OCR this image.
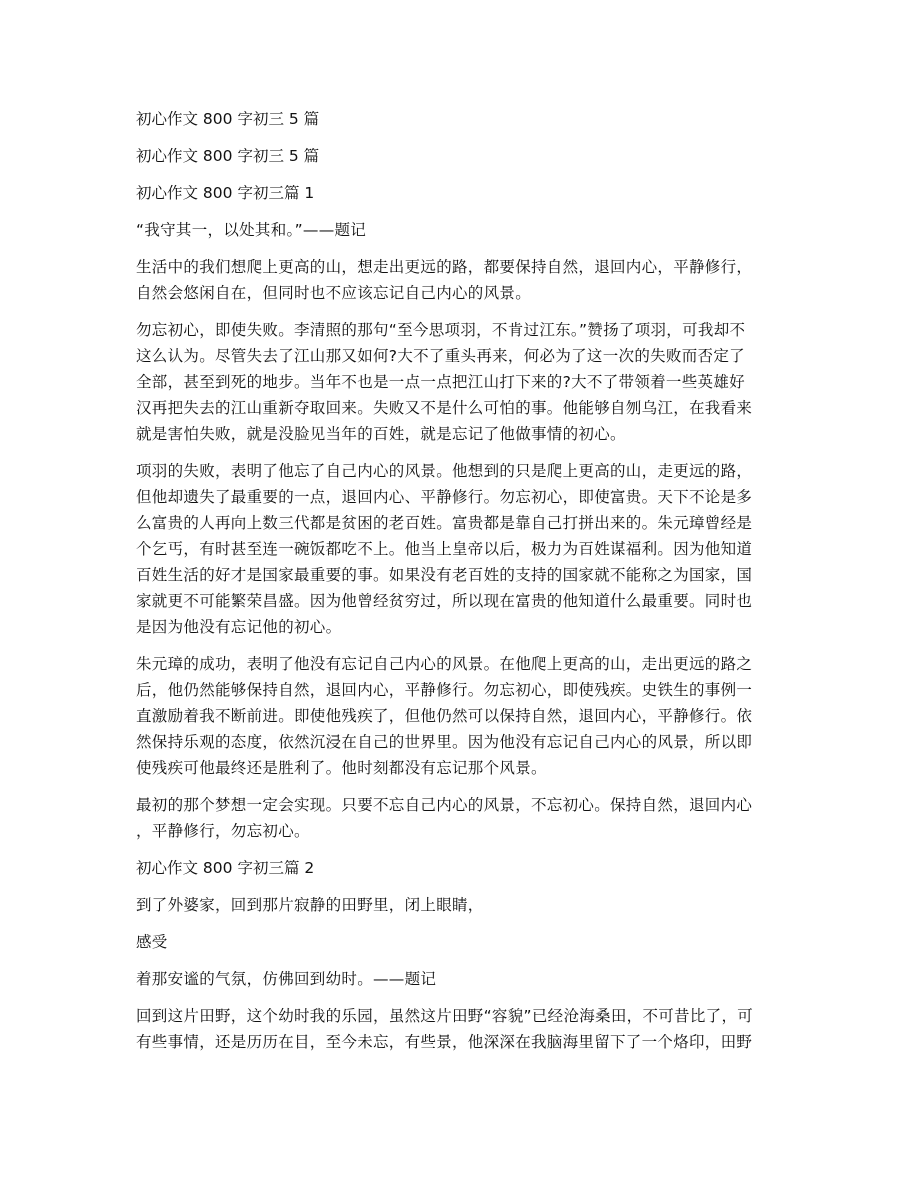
初心作文 800 字初三 5 篇

初心作文 800 字初三 5 篇

初心作文 800 字初三篇 1

“我守其一，以处其和。”——题记

生活中的我们想爬上更高的山，想走出更远的路，都要保持自然，退回内心，平静修行，
自然会悠闲自在，但同时也不应该忘记自己内心的风景。

勿忘初心，即使失败。李清照的那句“至今思项羽，不肯过江东。”赞扬了项羽，可我却不
这么认为。尽管失去了江山那又如何?大不了重头再来，何必为了这一次的失败而否定了
全部，甚至到死的地步。当年不也是一点一点把江山打下来的?大不了带领着一些英雄好
汉再把失去的江山重新夺取回来。失败又不是什么可怕的事。他能够自刎乌江，在我看来
就是害怕失败，就是没脸见当年的百姓，就是忘记了他做事情的初心。

项羽的失败，表明了他忘了自己内心的风景。他想到的只是爬上更高的山，走更远的路，
但他却遗失了最重要的一点，退回内心、平静修行。勿忘初心，即使富贵。天下不论是多
么富贵的人再向上数三代都是贫困的老百姓。富贵都是靠自己打拼出来的。朱元璋曾经是
个乞丐，有时甚至连一碗饭都吃不上。他当上皇帝以后，极力为百姓谋福利。因为他知道
百姓生活的好才是国家最重要的事。如果没有老百姓的支持的国家就不能称之为国家，国
家就更不可能繁荣昌盛。因为他曾经贫穷过，所以现在富贵的他知道什么最重要。同时也
是因为他没有忘记他的初心。

朱元璋的成功，表明了他没有忘记自己内心的风景。在他爬上更高的山，走出更远的路之
后，他仍然能够保持自然，退回内心，平静修行。勿忘初心，即使残疾。史铁生的事例一
直激励着我不断前进。即使他残疾了，但他仍然可以保持自然，退回内心，平静修行。依
然保持乐观的态度，依然沉浸在自己的世界里。因为他没有忘记自己内心的风景，所以即
使残疾可他最终还是胜利了。他时刻都没有忘记那个风景。

最初的那个梦想一定会实现。只要不忘自己内心的风景，不忘初心。保持自然，退回内心
，平静修行，勿忘初心。

初心作文 800 字初三篇 2

到了外婆家，回到那片寂静的田野里，闭上眼睛，

感受

着那安谧的气氛，仿佛回到幼时。——题记

回到这片田野，这个幼时我的乐园，虽然这片田野“容貌”已经沧海桑田，不可昔比了，可
有些事情，还是历历在目，至今未忘，有些景，他深深在我脑海里留下了一个烙印，田野
